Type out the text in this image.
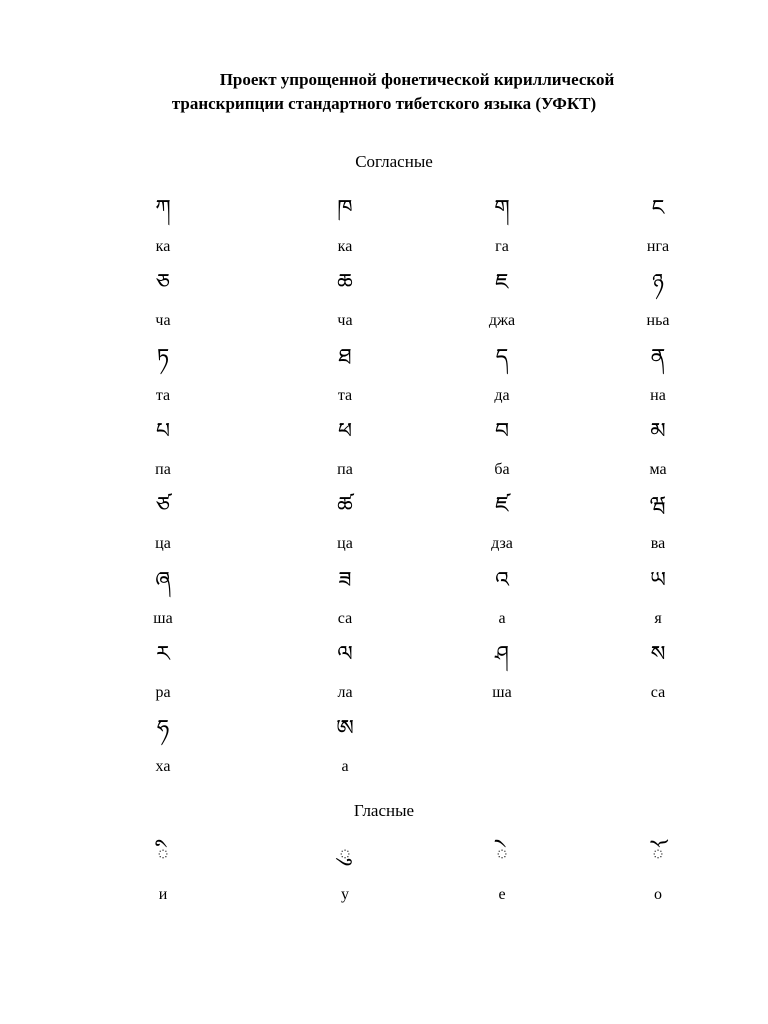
Проект упрощенной фонетической кириллической
транскрипции стандартного тибетского языка (УФКТ)
Согласные
ཀ
ка
ཁ
ка
ག
га
ང
нга
ཅ
ча
ཆ
ча
ཇ
джа
ཉ
ньа
ཏ
та
ཐ
та
ད
да
ན
на
པ
па
ཕ
па
བ
ба
མ
ма
ཙ
ца
ཚ
ца
ཛ
дза
ཝ
ва
ཞ
ша
ཟ
са
འ
а
ཡ
я
ར
ра
ལ
ла
ཤ
ша
ས
са
ཧ
ха
ཨ
а
Гласные
◌ི
и
◌ུ
у
◌ེ
е
◌ོ
о
